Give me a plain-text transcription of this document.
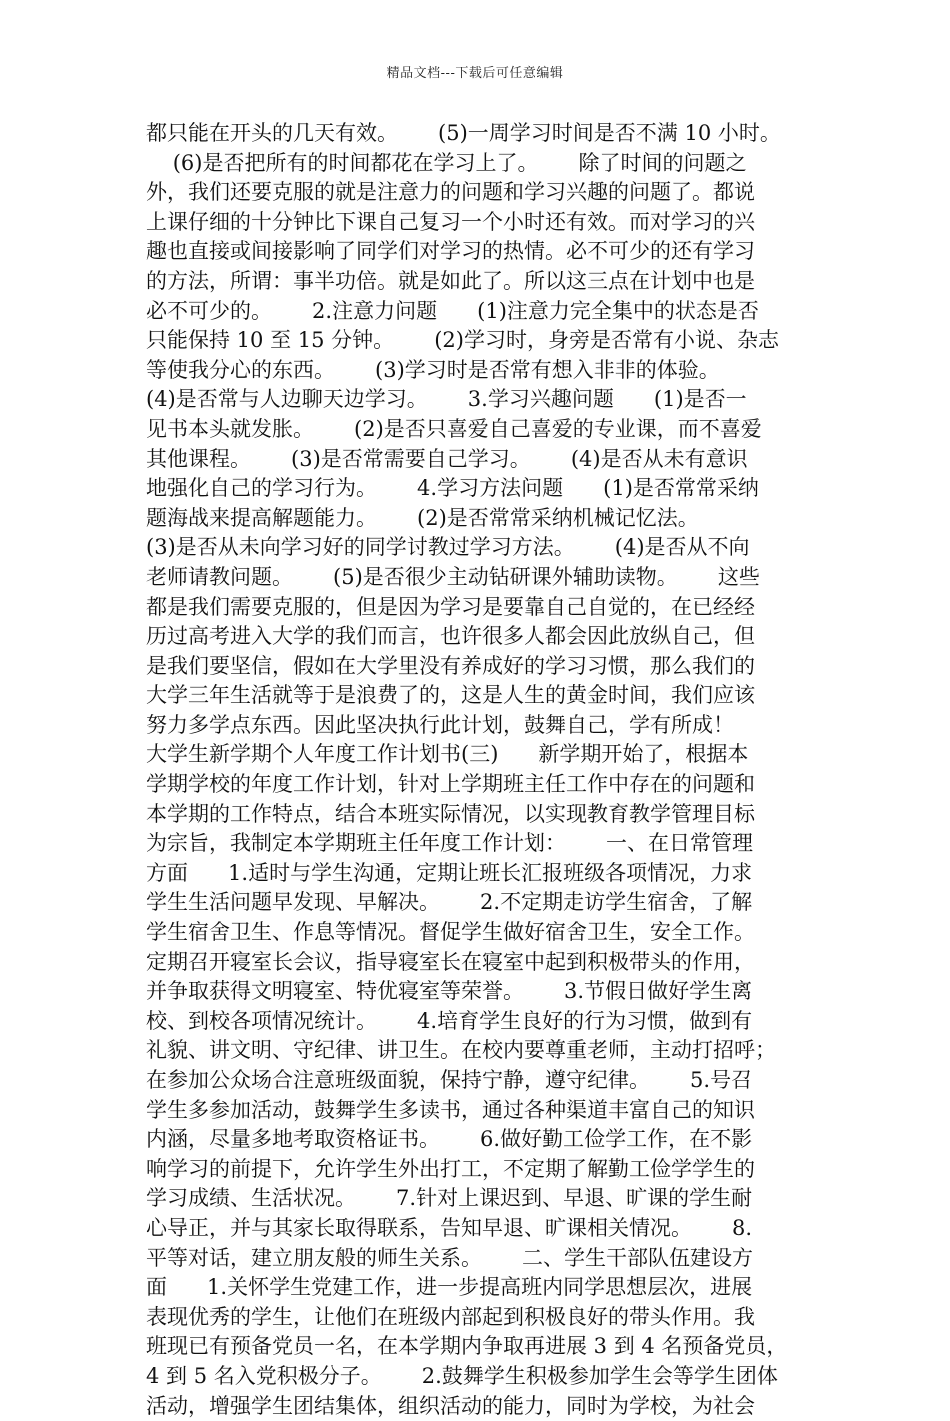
精品文档---下载后可任意编辑
都只能在开头的几天有效。      (5)一周学习时间是否不满 10 小时。
(6)是否把所有的时间都花在学习上了。      除了时间的问题之
外，我们还要克服的就是注意力的问题和学习兴趣的问题了。都说
上课仔细的十分钟比下课自己复习一个小时还有效。而对学习的兴
趣也直接或间接影响了同学们对学习的热情。必不可少的还有学习
的方法，所谓：事半功倍。就是如此了。所以这三点在计划中也是
必不可少的。      2.注意力问题      (1)注意力完全集中的状态是否
只能保持 10 至 15 分钟。      (2)学习时，身旁是否常有小说、杂志
等使我分心的东西。      (3)学习时是否常有想入非非的体验。
(4)是否常与人边聊天边学习。      3.学习兴趣问题      (1)是否一
见书本头就发胀。      (2)是否只喜爱自己喜爱的专业课，而不喜爱
其他课程。      (3)是否常需要自己学习。      (4)是否从未有意识
地强化自己的学习行为。      4.学习方法问题      (1)是否常常采纳
题海战来提高解题能力。      (2)是否常常采纳机械记忆法。
(3)是否从未向学习好的同学讨教过学习方法。      (4)是否从不向
老师请教问题。      (5)是否很少主动钻研课外辅助读物。      这些
都是我们需要克服的，但是因为学习是要靠自己自觉的，在已经经
历过高考进入大学的我们而言，也许很多人都会因此放纵自己，但
是我们要坚信，假如在大学里没有养成好的学习习惯，那么我们的
大学三年生活就等于是浪费了的，这是人生的黄金时间，我们应该
努力多学点东西。因此坚决执行此计划，鼓舞自己，学有所成！
大学生新学期个人年度工作计划书(三)      新学期开始了，根据本
学期学校的年度工作计划，针对上学期班主任工作中存在的问题和
本学期的工作特点，结合本班实际情况，以实现教育教学管理目标
为宗旨，我制定本学期班主任年度工作计划：      一、在日常管理
方面      1.适时与学生沟通，定期让班长汇报班级各项情况，力求
学生生活问题早发现、早解决。      2.不定期走访学生宿舍，了解
学生宿舍卫生、作息等情况。督促学生做好宿舍卫生，安全工作。
定期召开寝室长会议，指导寝室长在寝室中起到积极带头的作用，
并争取获得文明寝室、特优寝室等荣誉。      3.节假日做好学生离
校、到校各项情况统计。      4.培育学生良好的行为习惯，做到有
礼貌、讲文明、守纪律、讲卫生。在校内要尊重老师，主动打招呼；
在参加公众场合注意班级面貌，保持宁静，遵守纪律。      5.号召
学生多参加活动，鼓舞学生多读书，通过各种渠道丰富自己的知识
内涵，尽量多地考取资格证书。      6.做好勤工俭学工作，在不影
响学习的前提下，允许学生外出打工，不定期了解勤工俭学学生的
学习成绩、生活状况。      7.针对上课迟到、早退、旷课的学生耐
心导正，并与其家长取得联系，告知早退、旷课相关情况。      8.
平等对话，建立朋友般的师生关系。      二、学生干部队伍建设方
面      1.关怀学生党建工作，进一步提高班内同学思想层次，进展
表现优秀的学生，让他们在班级内部起到积极良好的带头作用。我
班现已有预备党员一名，在本学期内争取再进展 3 到 4 名预备党员，
4 到 5 名入党积极分子。      2.鼓舞学生积极参加学生会等学生团体
活动，增强学生团结集体，组织活动的能力，同时为学校，为社会
